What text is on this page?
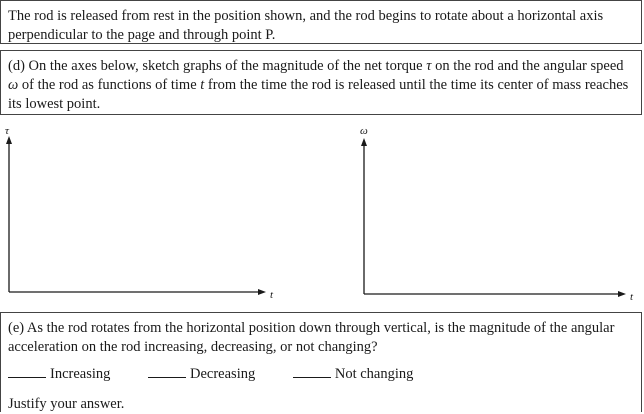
The rod is released from rest in the position shown, and the rod begins to rotate about a horizontal axis perpendicular to the page and through point P.
(d) On the axes below, sketch graphs of the magnitude of the net torque τ on the rod and the angular speed ω of the rod as functions of time t from the time the rod is released until the time its center of mass reaches its lowest point.
τ
t
ω
t
(e) As the rod rotates from the horizontal position down through vertical, is the magnitude of the angular acceleration on the rod increasing, decreasing, or not changing?
Increasing	Decreasing	Not changing
Justify your answer.
